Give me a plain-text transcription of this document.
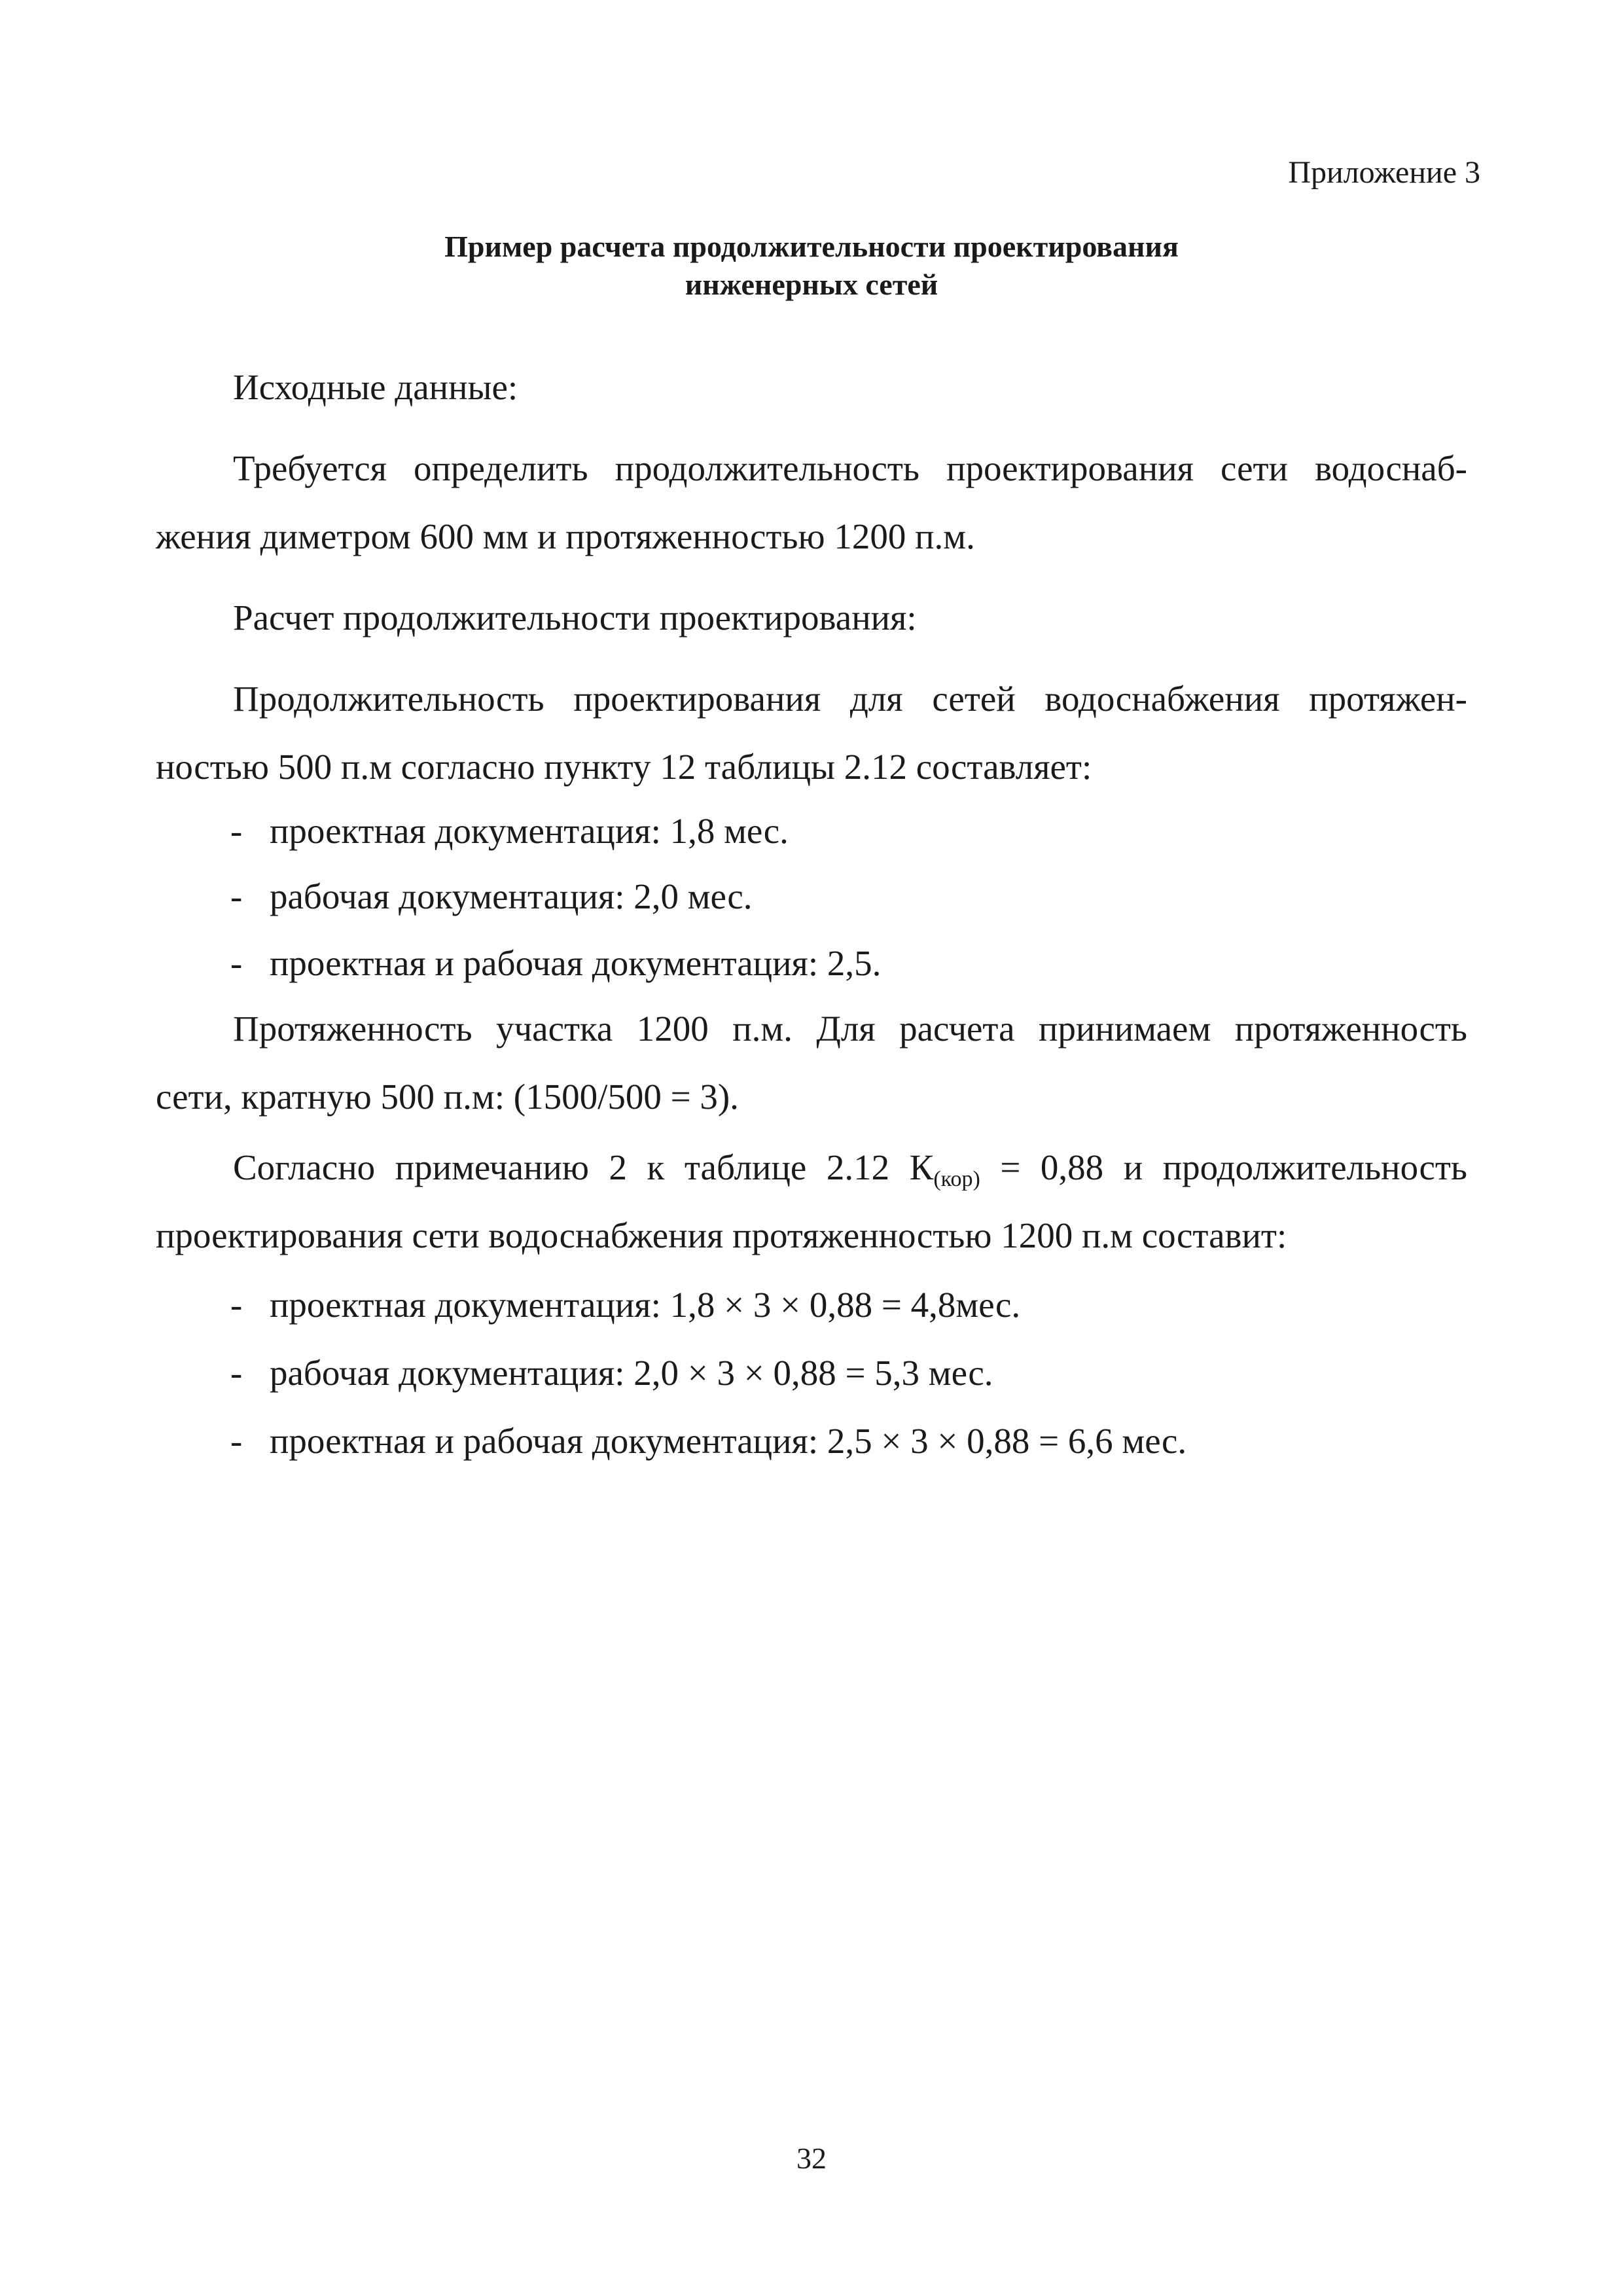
Приложение 3
Пример расчета продолжительности проектирования
инженерных сетей
Исходные данные:
Требуется определить продолжительность проектирования сети водоснаб-
жения диметром 600 мм и протяженностью 1200 п.м.
Расчет продолжительности проектирования:
Продолжительность проектирования для сетей водоснабжения протяжен-
ностью 500 п.м согласно пункту 12 таблицы 2.12 составляет:
- проектная документация: 1,8 мес.
- рабочая документация: 2,0 мес.
- проектная и рабочая документация: 2,5.
Протяженность участка 1200 п.м. Для расчета принимаем протяженность
сети, кратную 500 п.м: (1500/500 = 3).
Согласно примечанию 2 к таблице 2.12 $К_{(кор)} = 0,88$ и продолжительность
проектирования сети водоснабжения протяженностью 1200 п.м составит:
- проектная документация: 1,8 × 3 × 0,88 = 4,8мес.
- рабочая документация: 2,0 × 3 × 0,88 = 5,3 мес.
- проектная и рабочая документация: 2,5 × 3 × 0,88 = 6,6 мес.
32
